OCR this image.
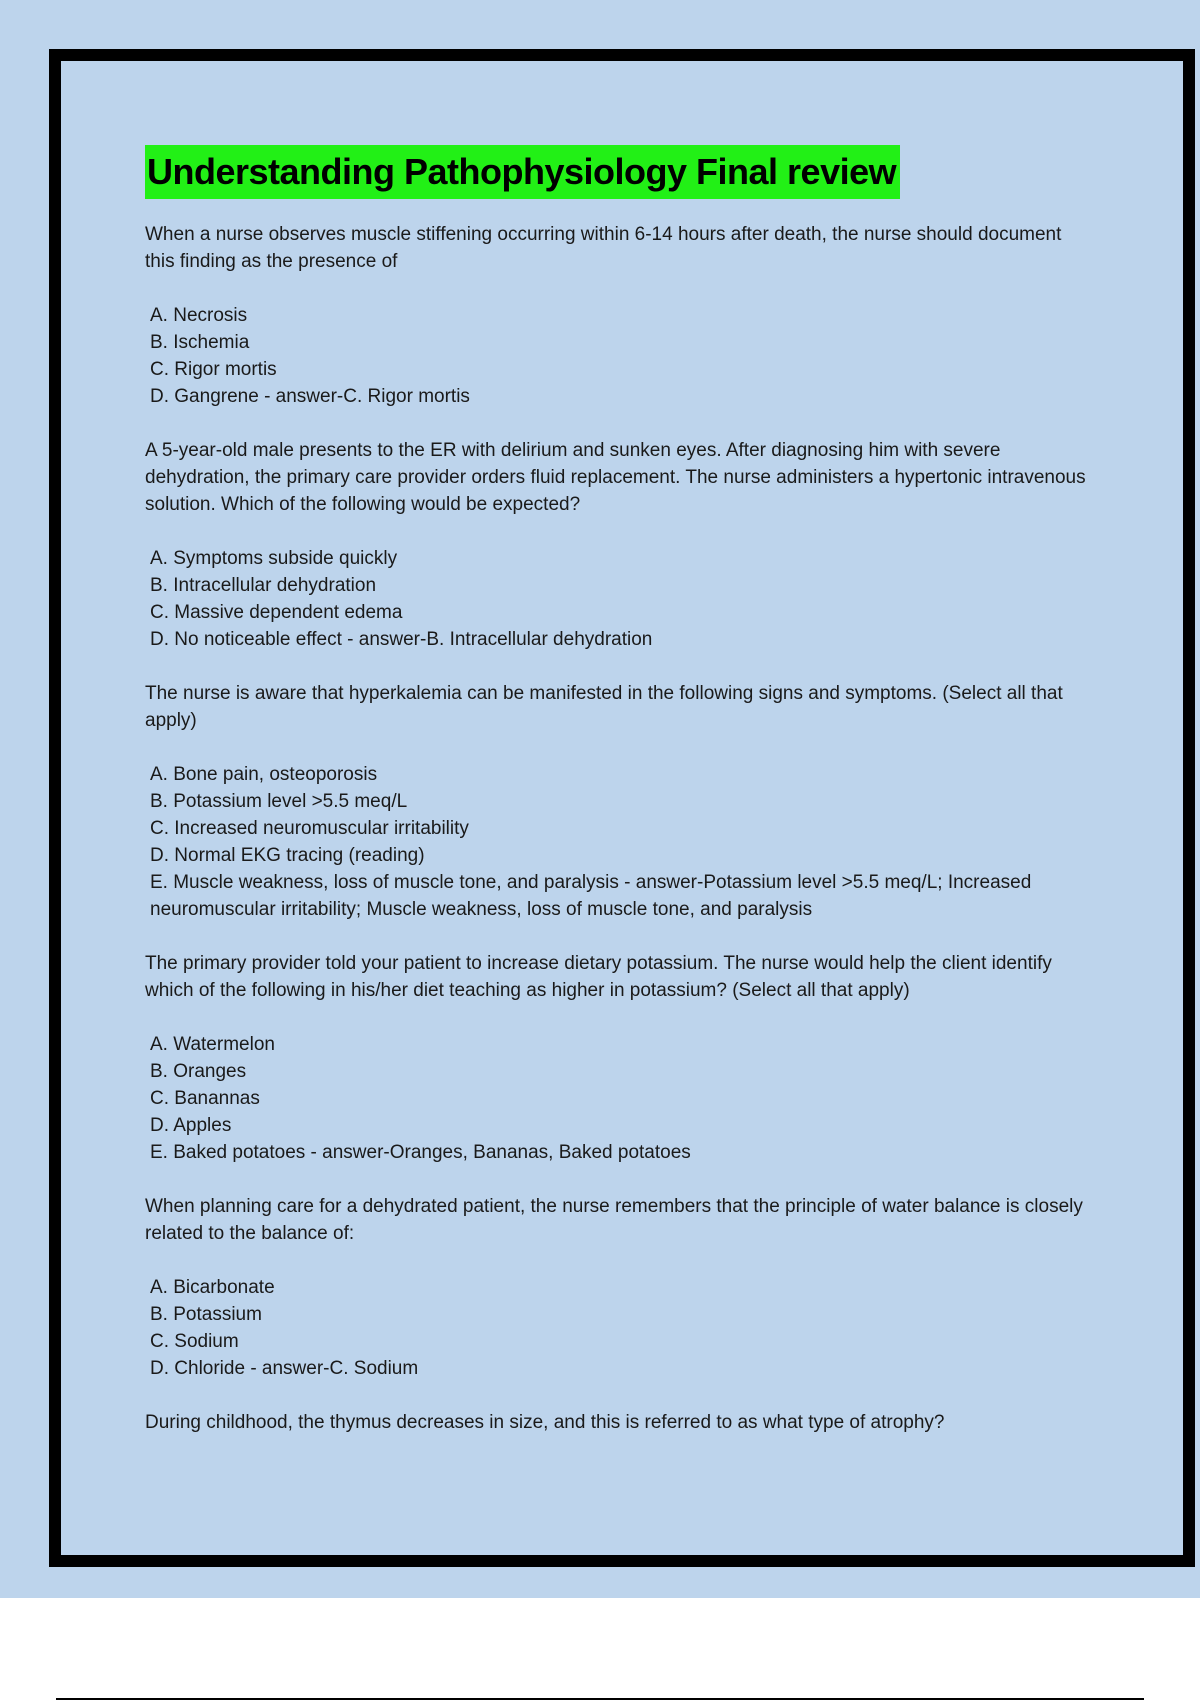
Understanding Pathophysiology Final review

When a nurse observes muscle stiffening occurring within 6-14 hours after death, the nurse should document this finding as the presence of

A. Necrosis
B. Ischemia
C. Rigor mortis
D. Gangrene - answer-C. Rigor mortis

A 5-year-old male presents to the ER with delirium and sunken eyes. After diagnosing him with severe dehydration, the primary care provider orders fluid replacement. The nurse administers a hypertonic intravenous solution. Which of the following would be expected?

A. Symptoms subside quickly
B. Intracellular dehydration
C. Massive dependent edema
D. No noticeable effect - answer-B. Intracellular dehydration

The nurse is aware that hyperkalemia can be manifested in the following signs and symptoms. (Select all that apply)

A. Bone pain, osteoporosis
B. Potassium level >5.5 meq/L
C. Increased neuromuscular irritability
D. Normal EKG tracing (reading)
E. Muscle weakness, loss of muscle tone, and paralysis - answer-Potassium level >5.5 meq/L; Increased neuromuscular irritability; Muscle weakness, loss of muscle tone, and paralysis

The primary provider told your patient to increase dietary potassium. The nurse would help the client identify which of the following in his/her diet teaching as higher in potassium? (Select all that apply)

A. Watermelon
B. Oranges
C. Banannas
D. Apples
E. Baked potatoes - answer-Oranges, Bananas, Baked potatoes

When planning care for a dehydrated patient, the nurse remembers that the principle of water balance is closely related to the balance of:

A. Bicarbonate
B. Potassium
C. Sodium
D. Chloride - answer-C. Sodium

During childhood, the thymus decreases in size, and this is referred to as what type of atrophy?
